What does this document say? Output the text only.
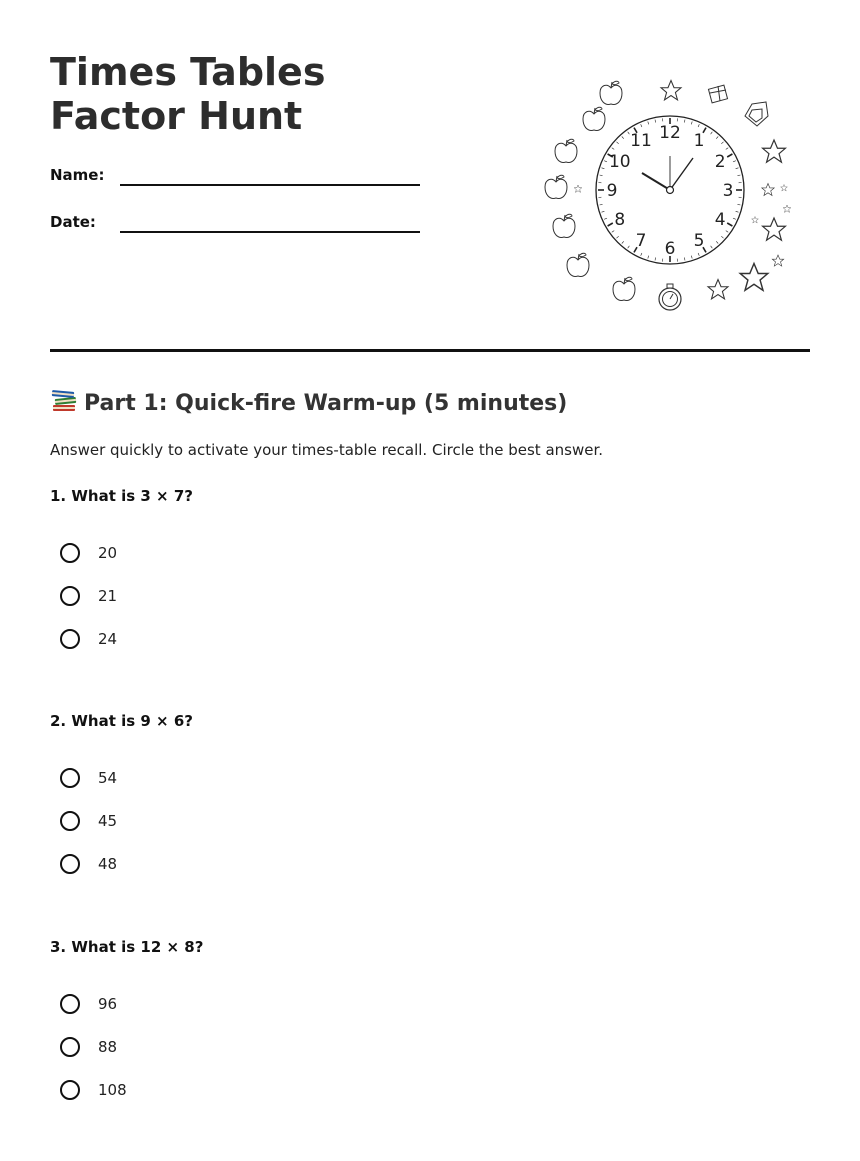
Times Tables Factor Hunt
Name:
Date:
12 1
2
3
4
5
6
7
8
9
10
11
Part 1: Quick-fire Warm-up (5 minutes)

Answer quickly to activate your times-table recall. Circle the best answer.

1. What is 3 × 7?

20
21
24

2. What is 9 × 6?

54
45
48

3. What is 12 × 8?

96
88
108
